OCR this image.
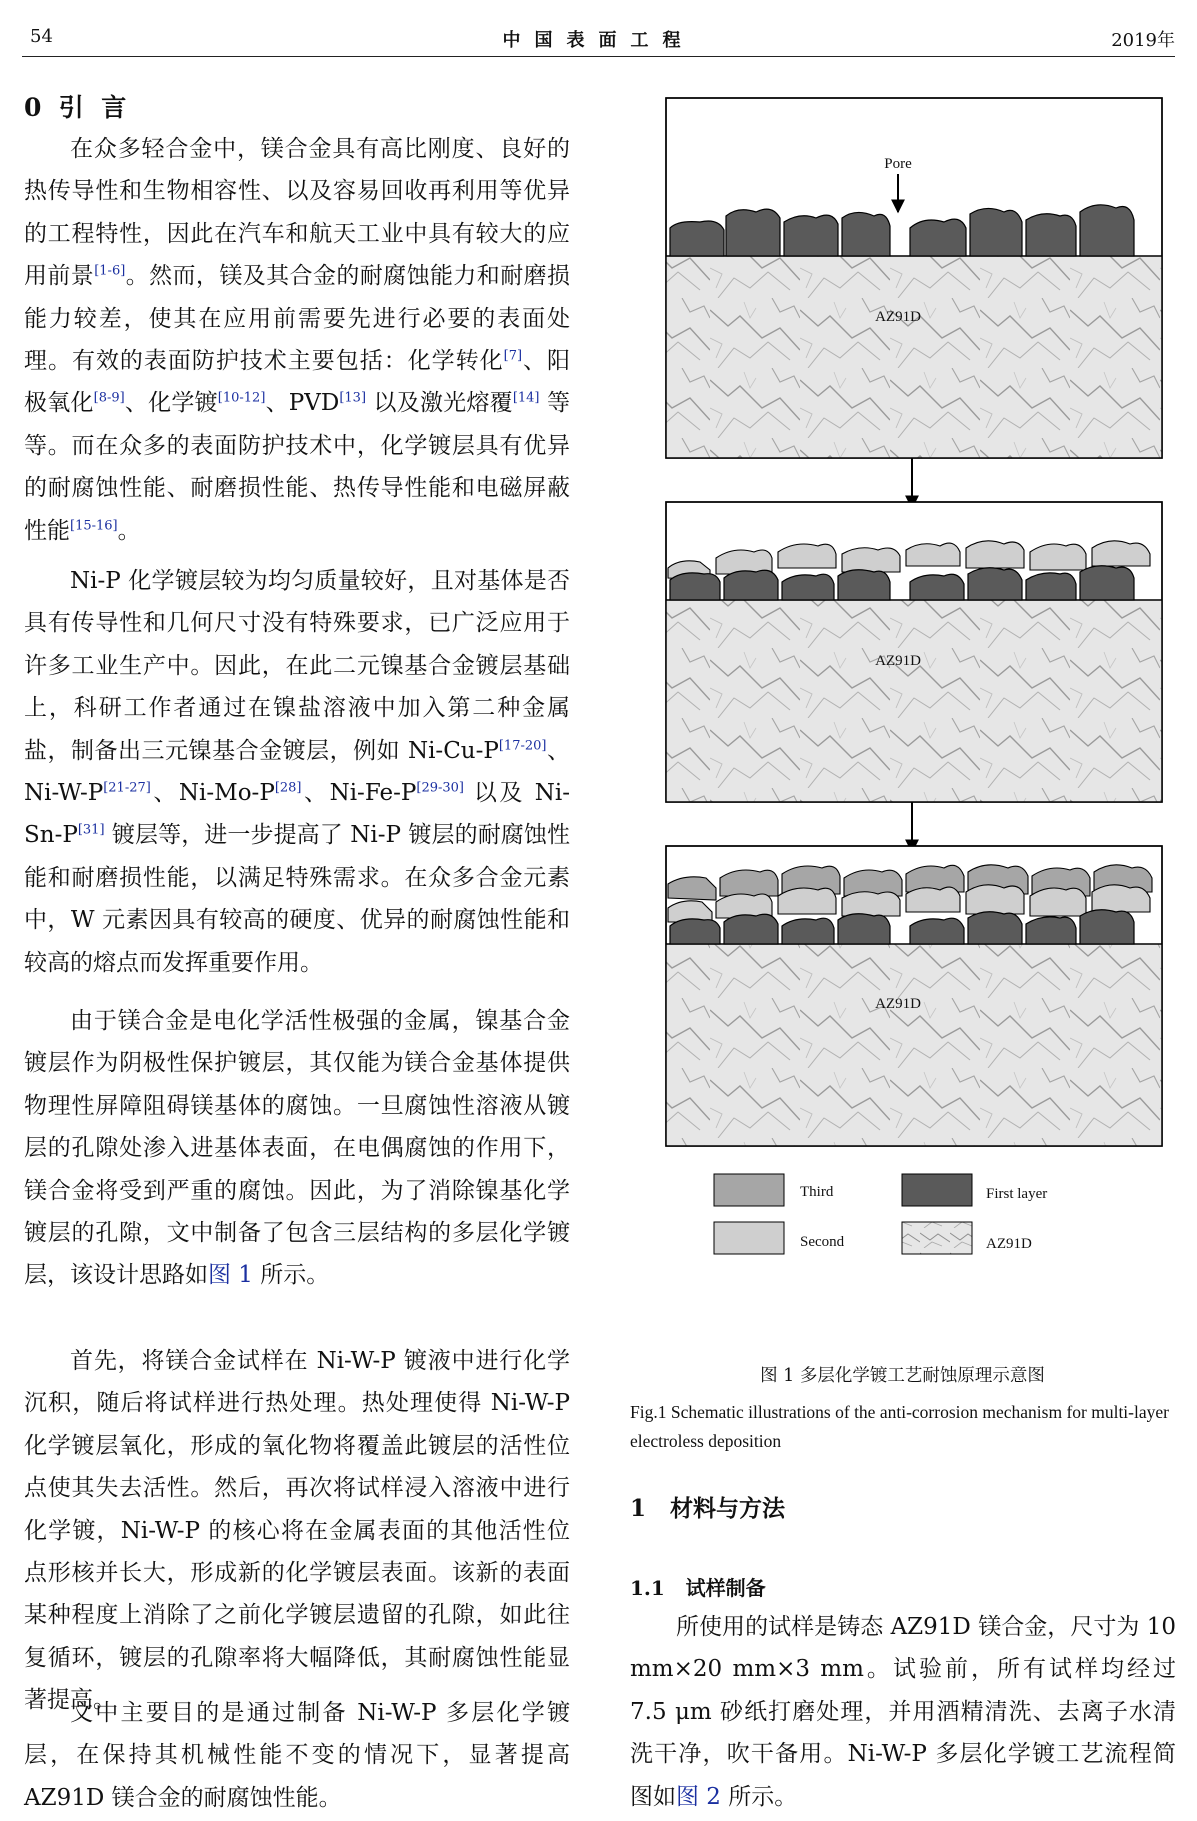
54	中国表面工程	2019年
0  引  言
在众多轻合金中，镁合金具有高比刚度、良好的热传导性和生物相容性、以及容易回收再利用等优异的工程特性，因此在汽车和航天工业中具有较大的应用前景[1-6]。然而，镁及其合金的耐腐蚀能力和耐磨损能力较差，使其在应用前需要先进行必要的表面处理。有效的表面防护技术主要包括：化学转化[7]、阳极氧化[8-9]、化学镀[10-12]、PVD[13] 以及激光熔覆[14] 等等。而在众多的表面防护技术中，化学镀层具有优异的耐腐蚀性能、耐磨损性能、热传导性能和电磁屏蔽性能[15-16]。
Ni-P 化学镀层较为均匀质量较好，且对基体是否具有传导性和几何尺寸没有特殊要求，已广泛应用于许多工业生产中。因此，在此二元镍基合金镀层基础上，科研工作者通过在镍盐溶液中加入第二种金属盐，制备出三元镍基合金镀层，例如 Ni-Cu-P[17-20]、Ni-W-P[21-27]、Ni-Mo-P[28]、Ni-Fe-P[29-30] 以及 Ni-Sn-P[31] 镀层等，进一步提高了 Ni-P 镀层的耐腐蚀性能和耐磨损性能，以满足特殊需求。在众多合金元素中，W 元素因具有较高的硬度、优异的耐腐蚀性能和较高的熔点而发挥重要作用。
由于镁合金是电化学活性极强的金属，镍基合金镀层作为阴极性保护镀层，其仅能为镁合金基体提供物理性屏障阻碍镁基体的腐蚀。一旦腐蚀性溶液从镀层的孔隙处渗入进基体表面，在电偶腐蚀的作用下，镁合金将受到严重的腐蚀。因此，为了消除镍基化学镀层的孔隙，文中制备了包含三层结构的多层化学镀层，该设计思路如图 1 所示。
首先，将镁合金试样在 Ni-W-P 镀液中进行化学沉积，随后将试样进行热处理。热处理使得 Ni-W-P 化学镀层氧化，形成的氧化物将覆盖此镀层的活性位点使其失去活性。然后，再次将试样浸入溶液中进行化学镀，Ni-W-P 的核心将在金属表面的其他活性位点形核并长大，形成新的化学镀层表面。该新的表面某种程度上消除了之前化学镀层遗留的孔隙，如此往复循环，镀层的孔隙率将大幅降低，其耐腐蚀性能显著提高。
文中主要目的是通过制备 Ni-W-P 多层化学镀层，在保持其机械性能不变的情况下，显著提高 AZ91D 镁合金的耐腐蚀性能。
Pore
AZ91D
AZ91D
AZ91D
Third
Second
First layer
AZ91D
图 1 多层化学镀工艺耐蚀原理示意图
Fig.1 Schematic illustrations of the anti-corrosion mechanism for multi-layer electroless deposition
1   材料与方法
1.1   试样制备
所使用的试样是铸态 AZ91D 镁合金，尺寸为 10 mm×20 mm×3 mm。试验前，所有试样均经过 7.5 μm 砂纸打磨处理，并用酒精清洗、去离子水清洗干净，吹干备用。Ni-W-P 多层化学镀工艺流程简图如图 2 所示。
